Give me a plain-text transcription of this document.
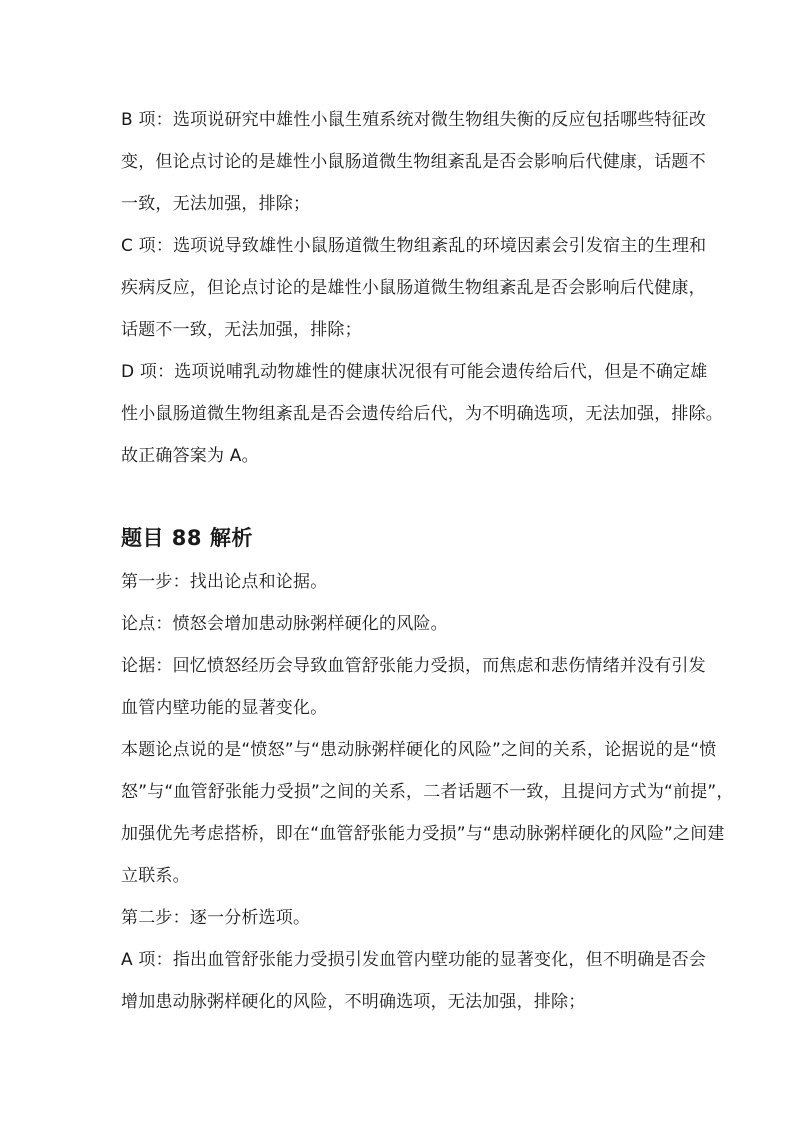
B 项：选项说研究中雄性小鼠生殖系统对微生物组失衡的反应包括哪些特征改
变，但论点讨论的是雄性小鼠肠道微生物组紊乱是否会影响后代健康，话题不
一致，无法加强，排除；
C 项：选项说导致雄性小鼠肠道微生物组紊乱的环境因素会引发宿主的生理和
疾病反应，但论点讨论的是雄性小鼠肠道微生物组紊乱是否会影响后代健康，
话题不一致，无法加强，排除；
D 项：选项说哺乳动物雄性的健康状况很有可能会遗传给后代，但是不确定雄
性小鼠肠道微生物组紊乱是否会遗传给后代，为不明确选项，无法加强，排除。
故正确答案为 A。
题目 88 解析
第一步：找出论点和论据。
论点：愤怒会增加患动脉粥样硬化的风险。
论据：回忆愤怒经历会导致血管舒张能力受损，而焦虑和悲伤情绪并没有引发
血管内壁功能的显著变化。
本题论点说的是“愤怒”与“患动脉粥样硬化的风险”之间的关系，论据说的是“愤
怒”与“血管舒张能力受损”之间的关系，二者话题不一致，且提问方式为“前提”，
加强优先考虑搭桥，即在“血管舒张能力受损”与“患动脉粥样硬化的风险”之间建
立联系。
第二步：逐一分析选项。
A 项：指出血管舒张能力受损引发血管内壁功能的显著变化，但不明确是否会
增加患动脉粥样硬化的风险，不明确选项，无法加强，排除；
